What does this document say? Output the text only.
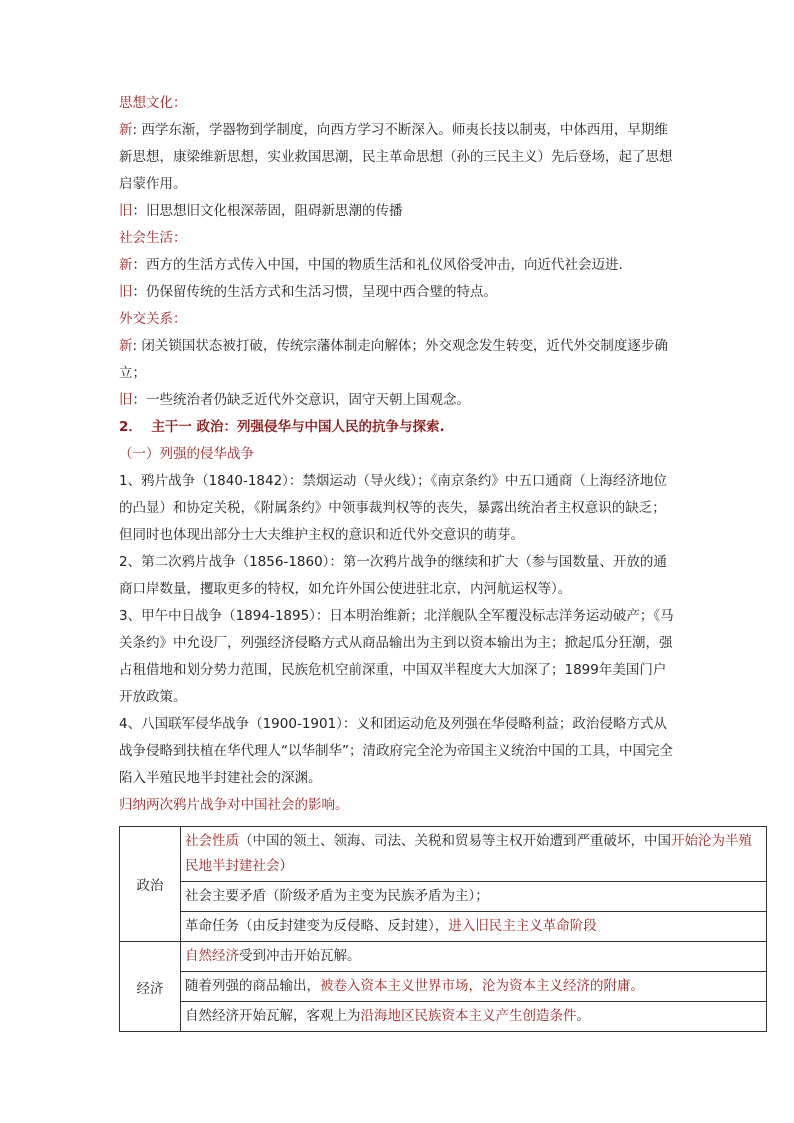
思想文化：
新: 西学东渐，学器物到学制度，向西方学习不断深入。师夷长技以制夷，中体西用，早期维新思想，康梁维新思想，实业救国思潮，民主革命思想（孙的三民主义）先后登场，起了思想启蒙作用。
旧：旧思想旧文化根深蒂固，阻碍新思潮的传播
社会生活：
新：西方的生活方式传入中国，中国的物质生活和礼仪风俗受冲击，向近代社会迈进.
旧：仍保留传统的生活方式和生活习惯，呈现中西合璧的特点。
外交关系：
新: 闭关锁国状态被打破，传统宗藩体制走向解体；外交观念发生转变，近代外交制度逐步确立；
旧：一些统治者仍缺乏近代外交意识，固守天朝上国观念。
2． 主干一 政治：列强侵华与中国人民的抗争与探索.
（一）列强的侵华战争
1、鸦片战争（1840-1842）：禁烟运动（导火线）；《南京条约》中五口通商（上海经济地位的凸显）和协定关税，《附属条约》中领事裁判权等的丧失，暴露出统治者主权意识的缺乏；但同时也体现出部分士大夫维护主权的意识和近代外交意识的萌芽。
2、第二次鸦片战争（1856-1860）：第一次鸦片战争的继续和扩大（参与国数量、开放的通商口岸数量，攫取更多的特权，如允许外国公使进驻北京，内河航运权等）。
3、甲午中日战争（1894-1895）：日本明治维新；北洋舰队全军覆没标志洋务运动破产；《马关条约》中允设厂，列强经济侵略方式从商品输出为主到以资本输出为主；掀起瓜分狂潮，强占租借地和划分势力范围，民族危机空前深重，中国双半程度大大加深了；1899年美国门户开放政策。
4、八国联军侵华战争（1900-1901）：义和团运动危及列强在华侵略利益；政治侵略方式从战争侵略到扶植在华代理人“以华制华”；清政府完全沦为帝国主义统治中国的工具，中国完全陷入半殖民地半封建社会的深渊。
归纳两次鸦片战争对中国社会的影响。
政治	社会性质（中国的领土、领海、司法、关税和贸易等主权开始遭到严重破坏，中国开始沦为半殖民地半封建社会）
	社会主要矛盾（阶级矛盾为主变为民族矛盾为主）；
	革命任务（由反封建变为反侵略、反封建），进入旧民主主义革命阶段
经济	自然经济受到冲击开始瓦解。
	随着列强的商品输出，被卷入资本主义世界市场，沦为资本主义经济的附庸。
	自然经济开始瓦解，客观上为沿海地区民族资本主义产生创造条件。
